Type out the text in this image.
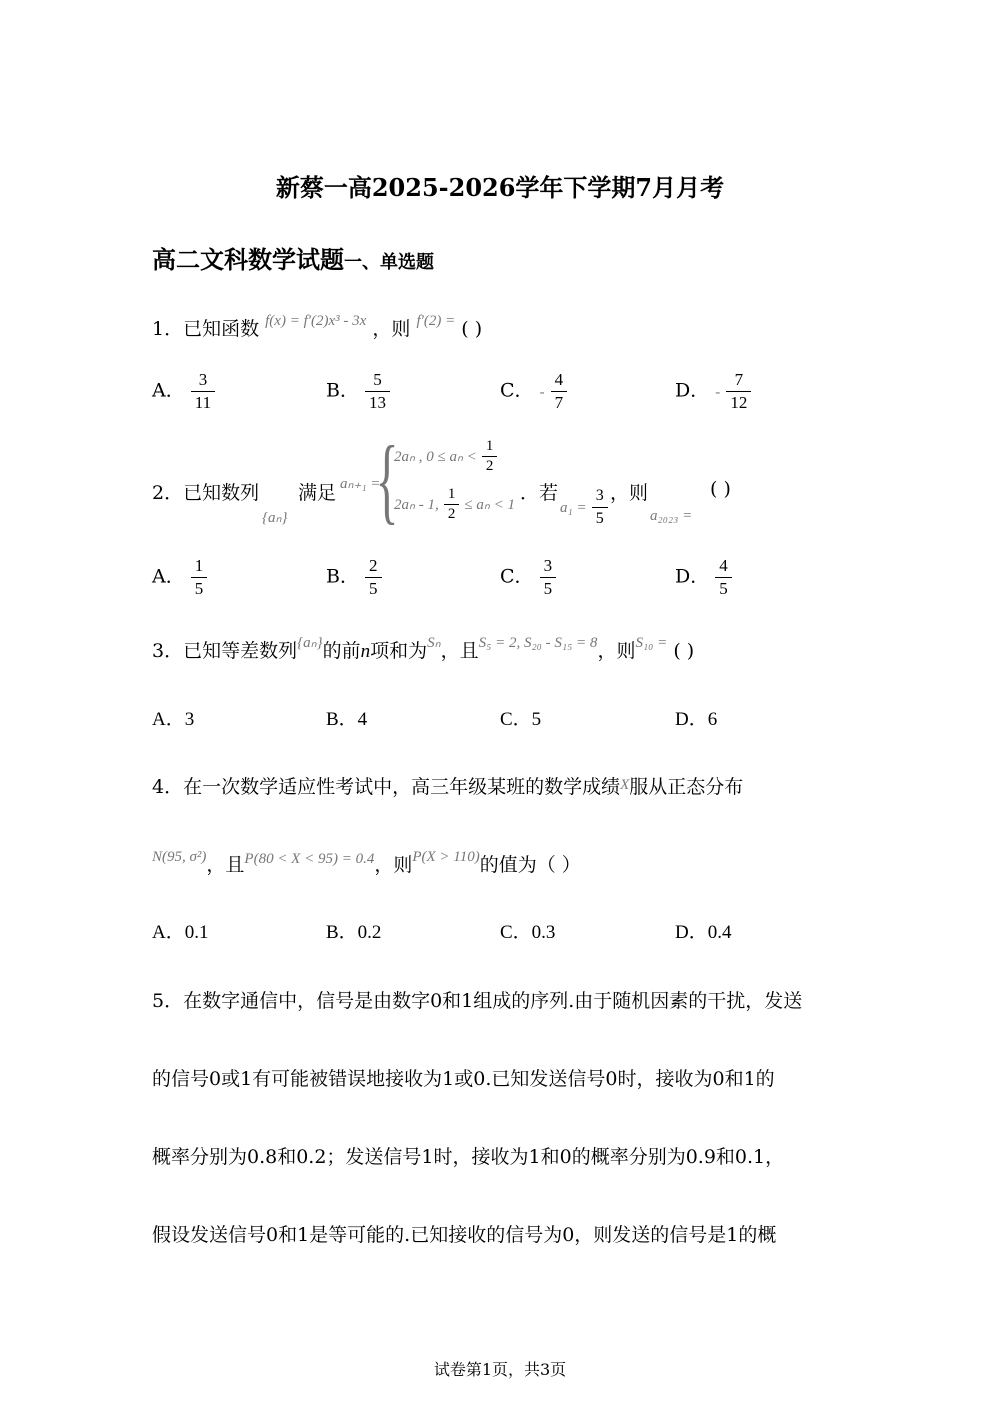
新蔡一高2025-2026学年下学期7月月考
高二文科数学试题一、单选题
1．已知函数 $^{f(x) = f'(2)x^3 - 3x}$ ，则 $^{f'(2) =}$ ( )
A． $\frac{3}{11}$	B． $\frac{5}{13}$	C． - $\frac{4}{7}$	D． - $\frac{7}{12}$
2．已知数列
{aₙ}
满足 aₙ₊₁ =
{
2aₙ , $0 \le a_n < \frac{1}{2}$
2aₙ - 1, $\frac{1}{2} \le a_n < 1$
．若
$a_1 = \frac{3}{5}$ ，则
a₂₀₂₃ =
( )
A． $\frac{1}{5}$	B． $\frac{2}{5}$	C． $\frac{3}{5}$	D． $\frac{4}{5}$
3．已知等差数列$^{\{a_n\}}$的前n项和为$^{S_n}$，且$^{S_5 = 2, S_{20} - S_{15} = 8}$，则$^{S_{10} =}$ ( )
A．3	B．4	C．5	D．6
4．在一次数学适应性考试中，高三年级某班的数学成绩$^X$服从正态分布
$^{N(95, \sigma^2)}$，且$^{P(80 < X < 95) = 0.4}$，则$^{P(X > 110)}$的值为（ ）
A．0.1	B．0.2	C．0.3	D．0.4
5．在数字通信中，信号是由数字0和1组成的序列.由于随机因素的干扰，发送
的信号0或1有可能被错误地接收为1或0.已知发送信号0时，接收为0和1的
概率分别为0.8和0.2；发送信号1时，接收为1和0的概率分别为0.9和0.1，
假设发送信号0和1是等可能的.已知接收的信号为0，则发送的信号是1的概
试卷第1页，共3页
